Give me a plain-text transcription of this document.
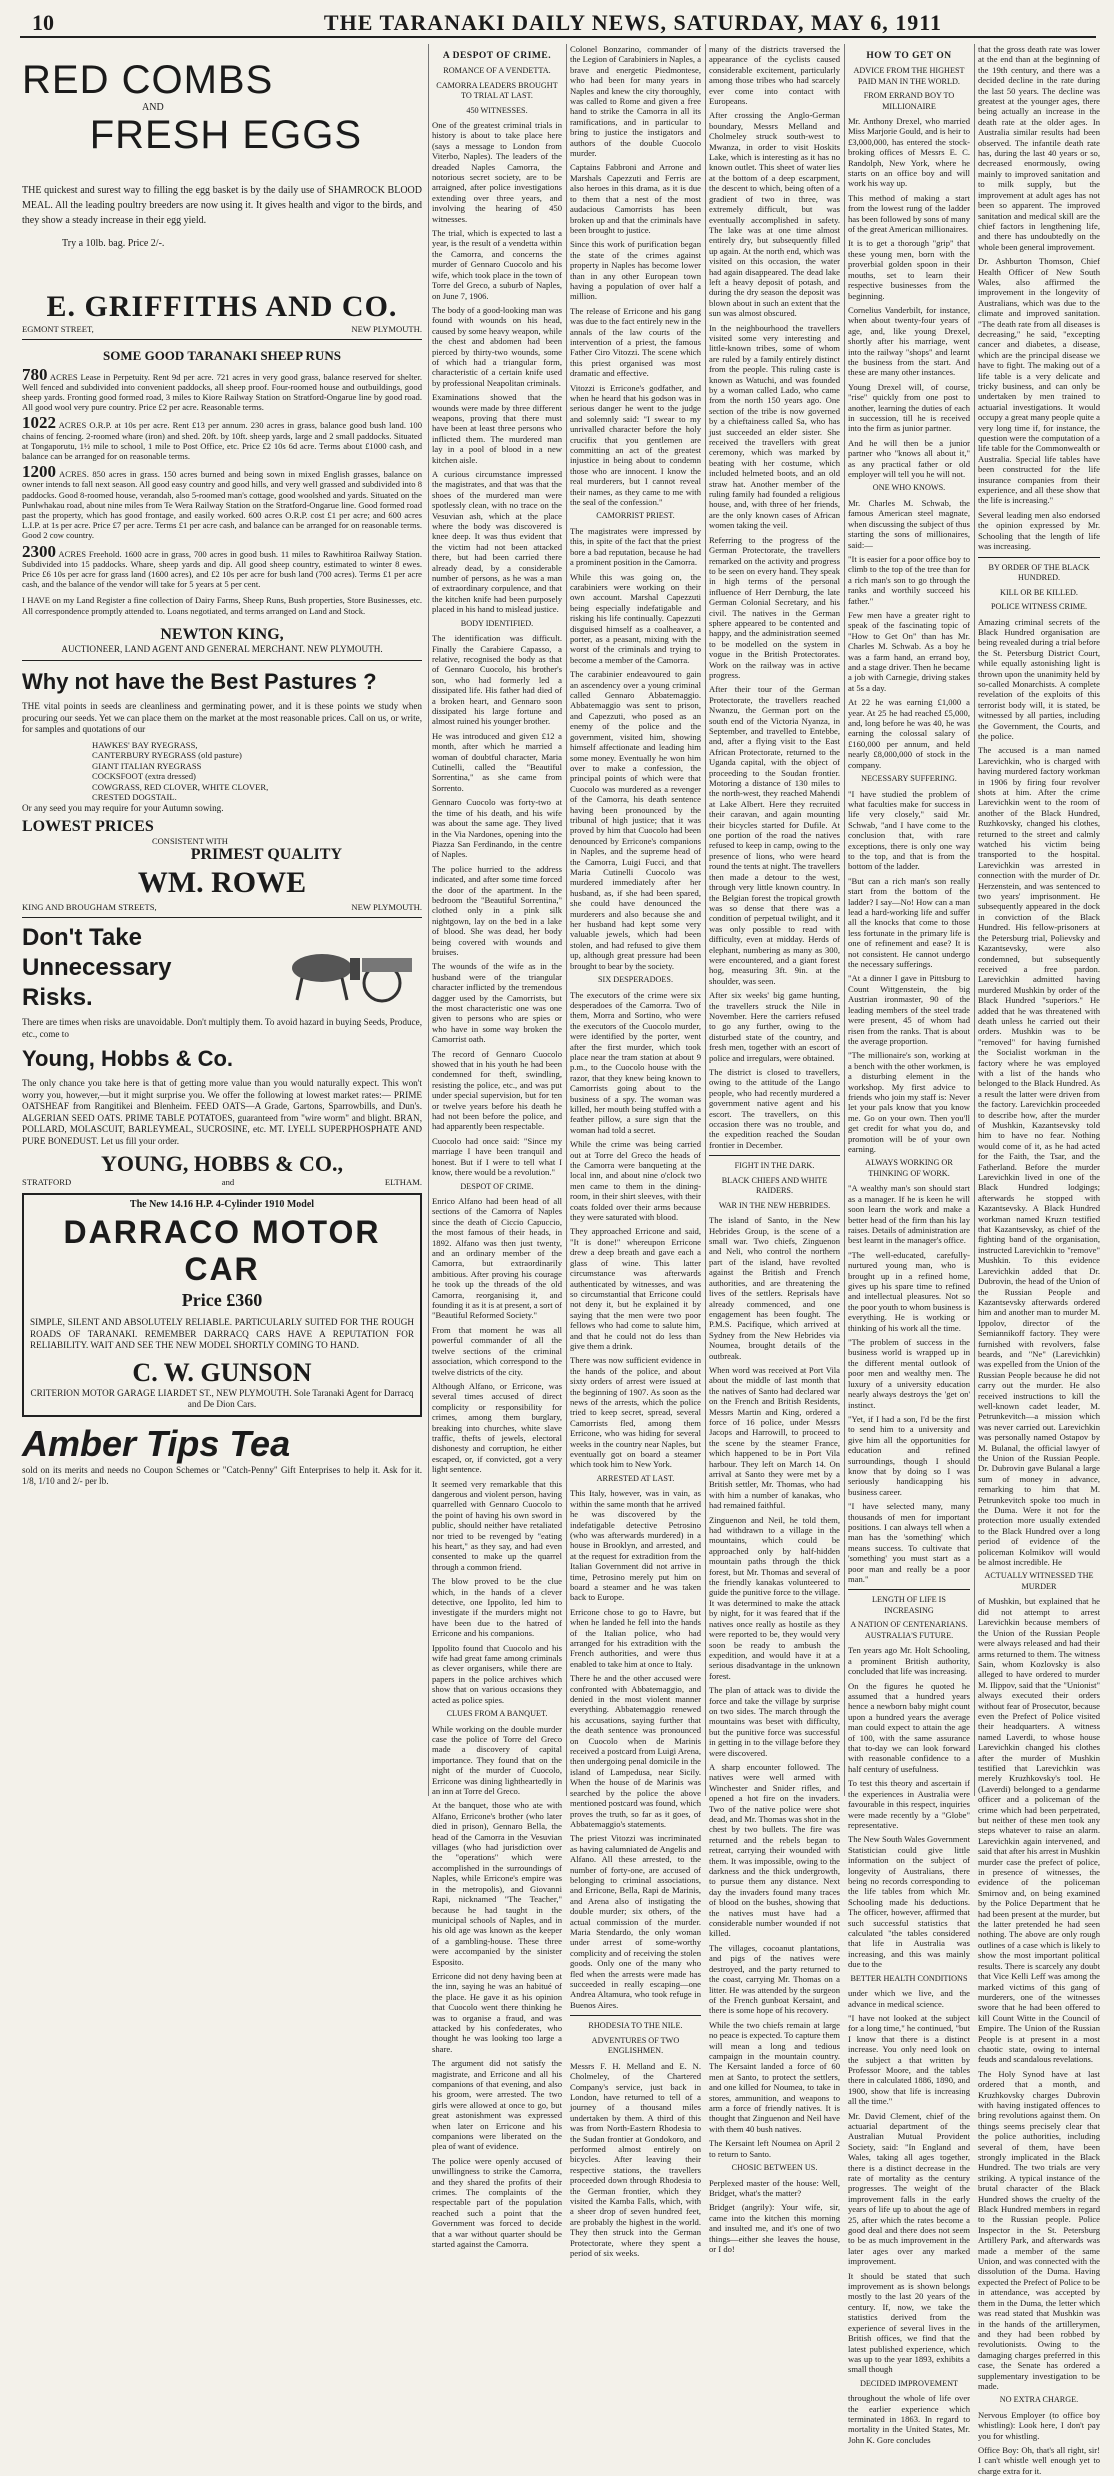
10	THE TARANAKI DAILY NEWS, SATURDAY, MAY 6, 1911
RED COMBS
AND
FRESH EGGS

THE quickest and surest way to filling the egg basket is by the daily use of SHAMROCK BLOOD MEAL. All the leading poultry breeders are now using it. It gives health and vigor to the birds, and they show a steady increase in their egg yield.

Try a 10lb. bag. Price 2/-.
E. GRIFFITHS AND CO.
EGMONT STREET,	NEW PLYMOUTH.
SOME GOOD TARANAKI SHEEP RUNS

780 ACRES Lease in Perpetuity. Rent 9d per acre. 721 acres in very good grass, balance reserved for shelter. Well fenced and subdivided into convenient paddocks, all sheep proof. Four-roomed house and outbuildings, good sheep yards. Fronting good formed road, 3 miles to Kiore Railway Station on Stratford-Ongarue line by good road. All good wool very pure country. Price £2 per acre. Reasonable terms.

1022 ACRES O.R.P. at 10s per acre. Rent £13 per annum. 230 acres in grass, balance good bush land. 100 chains of fencing. 2-roomed whare (iron) and shed. 20ft. by 10ft. sheep yards, large and 2 small paddocks. Situated at Tongaporutu, 1½ mile to school, 1 mile to Post Office, etc. Price £2 10s 6d acre. Terms about £1000 cash, and balance can be arranged for on reasonable terms.

1200 ACRES. 850 acres in grass. 150 acres burned and being sown in mixed English grasses, balance on owner intends to fall next season. All good easy country and good hills, and very well grassed and subdivided into 8 paddocks. Good 8-roomed house, verandah, also 5-roomed man's cottage, good woolshed and yards. Situated on the Punlwhakau road, about nine miles from Te Wera Railway Station on the Stratford-Ongarue line. Good formed road past the property, which has good frontage, and easily worked. 600 acres O.R.P. cost £1 per acre; and 600 acres L.I.P. at 1s per acre. Price £7 per acre. Terms £1 per acre cash, and balance can be arranged for on reasonable terms. Good 2 cow country.

2300 ACRES Freehold. 1600 acre in grass, 700 acres in good bush. 11 miles to Rawhitiroa Railway Station. Subdivided into 15 paddocks. Whare, sheep yards and dip. All good sheep country, estimated to winter 8 ewes. Price £6 10s per acre for grass land (1600 acres), and £2 10s per acre for bush land (700 acres). Terms £1 per acre cash, and the balance of the vendor will take for 5 years at 5 per cent.

I HAVE on my Land Register a fine collection of Dairy Farms, Sheep Runs, Bush properties, Store Businesses, etc. All correspondence promptly attended to. Loans negotiated, and terms arranged on Land and Stock.

NEWTON KING,
AUCTIONEER, LAND AGENT AND GENERAL MERCHANT. NEW PLYMOUTH.
Why not have the Best Pastures ?

THE vital points in seeds are cleanliness and germinating power, and it is these points we study when procuring our seeds. Yet we can place them on the market at the most reasonable prices. Call on us, or write, for samples and quotations of our

HAWKES' BAY RYEGRASS,
CANTERBURY RYEGRASS (old pasture)
GIANT ITALIAN RYEGRASS
COCKSFOOT (extra dressed)
COWGRASS, RED CLOVER, WHITE CLOVER,
CRESTED DOGSTAIL.
Or any seed you may require for your Autumn sowing.
LOWEST PRICES
CONSISTENT WITH
PRIMEST QUALITY
WM. ROWE
KING AND BROUGHAM STREETS,	NEW PLYMOUTH.
Don't Take Unnecessary Risks.

There are times when risks are unavoidable. Don't multiply them. To avoid hazard in buying Seeds, Produce, etc., come to

Young, Hobbs & Co.

The only chance you take here is that of getting more value than you would naturally expect. This won't worry you, however,—but it might surprise you. We offer the following at lowest market rates:— PRIME OATSHEAF from Rangitikei and Blenheim. FEED OATS—A Grade, Gartons, Sparrowbills, and Dun's. ALGERIAN SEED OATS. PRIME TABLE POTATOES, guaranteed from "wire worm" and blight. BRAN, POLLARD, MOLASCUIT, BARLEYMEAL, SUCROSINE, etc. MT. LYELL SUPERPHOSPHATE AND PURE BONEDUST. Let us fill your order.

YOUNG, HOBBS & CO.,
STRATFORD	and	ELTHAM.
The New 14.16 H.P. 4-Cylinder 1910 Model
DARRACO MOTOR CAR
Price £360

SIMPLE, SILENT AND ABSOLUTELY RELIABLE. PARTICULARLY SUITED FOR THE ROUGH ROADS OF TARANAKI. REMEMBER DARRACQ CARS HAVE A REPUTATION FOR RELIABILITY. WAIT AND SEE THE NEW MODEL SHORTLY COMING TO HAND.

C. W. GUNSON
CRITERION MOTOR GARAGE LIARDET ST., NEW PLYMOUTH. Sole Taranaki Agent for Darracq and De Dion Cars.
Amber Tips Tea
sold on its merits and needs no Coupon Schemes or "Catch-Penny" Gift Enterprises to help it. Ask for it. 1/8, 1/10 and 2/- per lb.
A DESPOT OF CRIME.
ROMANCE OF A VENDETTA.
CAMORRA LEADERS BROUGHT TO TRIAL AT LAST.
450 WITNESSES.

One of the greatest criminal trials in history is about to take place here (says a message to London from Viterbo, Naples). The leaders of the dreaded Naples Camorra, the notorious secret society, are to be arraigned, after police investigations extending over three years, and involving the hearing of 450 witnesses.

The trial, which is expected to last a year, is the result of a vendetta within the Camorra, and concerns the murder of Gennaro Cuocolo and his wife, which took place in the town of Torre del Greco, a suburb of Naples, on June 7, 1906.

The body of a good-looking man was found with wounds on his head, caused by some heavy weapon, while the chest and abdomen had been pierced by thirty-two wounds, some of which had a triangular form, characteristic of a certain knife used by professional Neapolitan criminals.

Examinations showed that the wounds were made by three different weapons, proving that there must have been at least three persons who inflicted them. The murdered man lay in a pool of blood in a new kitchen aisle.

A curious circumstance impressed the magistrates, and that was that the shoes of the murdered man were spotlessly clean, with no trace on the Vesuvian ash, which at the place where the body was discovered is knee deep. It was thus evident that the victim had not been attacked there, but had been carried there already dead, by a considerable number of persons, as he was a man of extraordinary corpulence, and that the kitchen knife had been purposely placed in his hand to mislead justice.

BODY IDENTIFIED.

The identification was difficult. Finally the Carabiere Capasso, a relative, recognised the body as that of Gennaro Cuocolo, his brother's son, who had formerly led a dissipated life. His father had died of a broken heart, and Gennaro soon dissipated his large fortune and almost ruined his younger brother.

He was introduced and given £12 a month, after which he married a woman of doubtful character, Maria Cutinelli, called the "Beautiful Sorrentina," as she came from Sorrento.

Gennaro Cuocolo was forty-two at the time of his death, and his wife was about the same age. They lived in the Via Nardones, opening into the Piazza San Ferdinando, in the centre of Naples.

The police hurried to the address indicated, and after some time forced the door of the apartment. In the bedroom the "Beautiful Sorrentina," clothed only in a pink silk nightgown, lay on the bed in a lake of blood. She was dead, her body being covered with wounds and bruises.

The wounds of the wife as in the husband were of the triangular character inflicted by the tremendous dagger used by the Camorrists, but the most characteristic one was one given to persons who are spies or who have in some way broken the Camorrist oath.

The record of Gennaro Cuocolo showed that in his youth he had been condemned for theft, swindling, resisting the police, etc., and was put under special supervision, but for ten or twelve years before his death he had not been before the police, and had apparently been respectable.

Cuocolo had once said: "Since my marriage I have been tranquil and honest. But if I were to tell what I know, there would be a revolution."

DESPOT OF CRIME.

Enrico Alfano had been head of all sections of the Camorra of Naples since the death of Ciccio Capuccio, the most famous of their heads, in 1892. Alfano was then just twenty, and an ordinary member of the Camorra, but extraordinarily ambitious. After proving his courage he took up the threads of the old Camorra, reorganising it, and founding it as it is at present, a sort of "Beautiful Reformed Society."

From that moment he was all powerful commander of all the twelve sections of the criminal association, which correspond to the twelve districts of the city.

Although Alfano, or Erricone, was several times accused of direct complicity or responsibility for crimes, among them burglary, breaking into churches, white slave traffic, thefts of jewels, electoral dishonesty and corruption, he either escaped, or, if convicted, got a very light sentence.

It seemed very remarkable that this dangerous and violent person, having quarrelled with Gennaro Cuocolo to the point of having his own sword in public, should neither have retaliated nor tried to be revenged by "eating his heart," as they say, and had even consented to make up the quarrel through a common friend.

The blow proved to be the clue which, in the hands of a clever detective, one Ippolito, led him to investigate if the murders might not have been due to the hatred of Erricone and his companions.

Ippolito found that Cuocolo and his wife had great fame among criminals as clever organisers, while there are papers in the police archives which show that on various occasions they acted as police spies.

CLUES FROM A BANQUET.

While working on the double murder case the police of Torre del Greco made a discovery of capital importance. They found that on the night of the murder of Cuocolo, Erricone was dining lightheartedly in an inn at Torre del Greco.

At the banquet, those who ate with Alfano, Erricone's brother (who later died in prison), Gennaro Bella, the head of the Camorra in the Vesuvian villages (who had jurisdiction over the "operations" which were accomplished in the surroundings of Naples, while Erricone's empire was in the metropolis), and Giovanni Rapi, nicknamed "The Teacher," because he had taught in the municipal schools of Naples, and in his old age was known as the keeper of a gambling-house. These three were accompanied by the sinister Esposito.

Erricone did not deny having been at the inn, saying he was an habitué of the place. He gave it as his opinion that Cuocolo went there thinking he was to organise a fraud, and was attacked by his confederates, who thought he was looking too large a share.

The argument did not satisfy the magistrate, and Erricone and all his companions of that evening, and also his groom, were arrested. The two girls were allowed at once to go, but great astonishment was expressed when later on Erricone and his companions were liberated on the plea of want of evidence.

The police were openly accused of unwillingness to strike the Camorra, and they shared the profits of their crimes. The complaints of the respectable part of the population reached such a point that the Government was forced to decide that a war without quarter should be started against the Camorra.

Colonel Bonzarino, commander of the Legion of Carabiniers in Naples, a brave and energetic Piedmontese, who had been for many years in Naples and knew the city thoroughly, was called to Rome and given a free hand to strike the Camorra in all its ramifications, and in particular to bring to justice the instigators and authors of the double Cuocolo murder.

Captains Fabbroni and Arrone and Marshals Capezzuti and Ferris are also heroes in this drama, as it is due to them that a nest of the most audacious Camorrists has been broken up and that the criminals have been brought to justice.

Since this work of purification began the state of the crimes against property in Naples has become lower than in any other European town having a population of over half a million.

The release of Erricone and his gang was due to the fact entirely new in the annals of the law courts of the intervention of a priest, the famous Father Ciro Vitozzi. The scene which this priest organised was most dramatic and effective.

Vitozzi is Erricone's godfather, and when he heard that his godson was in serious danger he went to the judge and solemnly said: "I swear to my unrivalled character before the holy crucifix that you gentlemen are committing an act of the greatest injustice in being about to condemn those who are innocent. I know the real murderers, but I cannot reveal their names, as they came to me with the seal of the confession."

CAMORRIST PRIEST.

The magistrates were impressed by this, in spite of the fact that the priest bore a bad reputation, because he had a prominent position in the Camorra.

While this was going on, the carabiniers were working on their own account. Marshal Capezzuti being especially indefatigable and risking his life continually. Capezzuti disguised himself as a coalheaver, a porter, as a peasant, mixing with the worst of the criminals and trying to become a member of the Camorra.

The carabinier endeavoured to gain an ascendency over a young criminal called Gennaro Abbatemaggio. Abbatemaggio was sent to prison, and Capezzuti, who posed as an enemy of the police and the government, visited him, showing himself affectionate and leading him some money. Eventually he won him over to make a confession, the principal points of which were that Cuocolo was murdered as a revenger of the Camorra, his death sentence having been pronounced by the tribunal of high justice; that it was proved by him that Cuocolo had been denounced by Erricone's companions in Naples, and the supreme head of the Camorra, Luigi Fucci, and that Maria Cutinelli Cuocolo was murdered immediately after her husband, as, if she had been spared, she could have denounced the murderers and also because she and her husband had kept some very valuable jewels, which had been stolen, and had refused to give them up, although great pressure had been brought to bear by the society.

SIX DESPERADOES.

The executors of the crime were six desperadoes of the Camorra. Two of them, Morra and Sortino, who were the executors of the Cuocolo murder, were identified by the porter, went after the first murder, which took place near the tram station at about 9 p.m., to the Cuocolo house with the razor, that they knew being known to Camorrists going about to the business of a spy. The woman was killed, her mouth being stuffed with a feather pillow, a sure sign that the woman had told a secret.

While the crime was being carried out at Torre del Greco the heads of the Camorra were banqueting at the local inn, and about nine o'clock two men came to them in the dining-room, in their shirt sleeves, with their coats folded over their arms because they were saturated with blood.

They approached Erricone and said, "It is done!" whereupon Erricone drew a deep breath and gave each a glass of wine. This latter circumstance was afterwards authenticated by witnesses, and was so circumstantial that Erricone could not deny it, but he explained it by saying that the men were two poor fellows who had come to salute him, and that he could not do less than give them a drink.

There was now sufficient evidence in the hands of the police, and about sixty orders of arrest were issued at the beginning of 1907. As soon as the news of the arrests, which the police tried to keep secret, spread, several Camorrists fled, among them Erricone, who was hiding for several weeks in the country near Naples, but eventually got on board a steamer which took him to New York.

ARRESTED AT LAST.

This Italy, however, was in vain, as within the same month that he arrived he was discovered by the indefatigable detective Petrosino (who was afterwards murdered) in a house in Brooklyn, and arrested, and at the request for extradition from the Italian Government did not arrive in time, Petrosino merely put him on board a steamer and he was taken back to Europe.

Erricone chose to go to Havre, but when he landed he fell into the hands of the Italian police, who had arranged for his extradition with the French authorities, and were thus enabled to take him at once to Italy.

There he and the other accused were confronted with Abbatemaggio, and denied in the most violent manner everything. Abbatemaggio renewed his accusations, saying further that the death sentence was pronounced on Cuocolo when de Marinis received a postcard from Luigi Arena, then undergoing penal domicile in the island of Lampedusa, near Sicily. When the house of de Marinis was searched by the police the above mentioned postcard was found, which proves the truth, so far as it goes, of Abbatemaggio's statements.

The priest Vitozzi was incriminated as having calumniated de Angelis and Alfano. All these arrested, to the number of forty-one, are accused of belonging to criminal associations, and Erricone, Bella, Rapi de Marinis, and Arena also of instigating the double murder; six others, of the actual commission of the murder. Maria Stendardo, the only woman under arrest of some-worthy complicity and of receiving the stolen goods. Only one of the many who fled when the arrests were made has succeeded in really escaping—one Andrea Altamura, who took refuge in Buenos Aires.

RHODESIA TO THE NILE.
ADVENTURES OF TWO ENGLISHMEN.

Messrs F. H. Melland and E. N. Cholmeley, of the Chartered Company's service, just back in London, have returned to tell of a journey of a thousand miles undertaken by them. A third of this was from North-Eastern Rhodesia to the Sudan frontier at Gondokoro, and performed almost entirely on bicycles. After leaving their respective stations, the travellers proceeded down through Rhodesia to the German frontier, which they visited the Kamba Falls, which, with a sheer drop of seven hundred feet, are probably the highest in the world. They then struck into the German Protectorate, where they spent a period of six weeks.

many of the districts traversed the appearance of the cyclists caused considerable excitement, particularly among those tribes who had scarcely ever come into contact with Europeans.

After crossing the Anglo-German boundary, Messrs Melland and Cholmeley struck south-west to Mwanza, in order to visit Hoskits Lake, which is interesting as it has no known outlet. This sheet of water lies at the bottom of a deep escarpment, the descent to which, being often of a gradient of two in three, was extremely difficult, but was eventually accomplished in safety. The lake was at one time almost entirely dry, but subsequently filled up again. At the north end, which was visited on this occasion, the water had again disappeared. The dead lake left a heavy deposit of potash, and during the dry season the deposit was blown about in such an extent that the sun was almost obscured.

In the neighbourhood the travellers visited some very interesting and little-known tribes, some of whom are ruled by a family entirely distinct from the people. This ruling caste is known as Watuchi, and was founded by a woman called Lado, who came from the north 150 years ago. One section of the tribe is now governed by a chieftainess called Sa, who has just succeeded an elder sister. She received the travellers with great ceremony, which was marked by beating with her costume, which included helmeted boots, and an old straw hat. Another member of the ruling family had founded a religious house, and, with three of her friends, are the only known cases of African women taking the veil.

Referring to the progress of the German Protectorate, the travellers remarked on the activity and progress to be seen on every hand. They speak in high terms of the personal influence of Herr Dernburg, the late German Colonial Secretary, and his civil. The natives in the German sphere appeared to be contented and happy, and the administration seemed to be modelled on the system in vogue in the British Protectorates. Work on the railway was in active progress.

After their tour of the German Protectorate, the travellers reached Nwanzu, the German port on the south end of the Victoria Nyanza, in September, and travelled to Entebbe, and, after a flying visit to the East African Protectorate, returned to the Uganda capital, with the object of proceeding to the Soudan frontier. Motoring a distance of 130 miles to the north-west, they reached Mahendi at Lake Albert. Here they recruited their caravan, and again mounting their bicycles started for Dufile. At one portion of the road the natives refused to keep in camp, owing to the presence of lions, who were heard round the tents at night. The travellers then made a detour to the west, through very little known country. In the Belgian forest the tropical growth was so dense that there was a condition of perpetual twilight, and it was only possible to read with difficulty, even at midday. Herds of elephant, numbering as many as 300, were encountered, and a giant forest hog, measuring 3ft. 9in. at the shoulder, was seen.

After six weeks' big game hunting, the travellers struck the Nile in November. Here the carriers refused to go any further, owing to the disturbed state of the country, and fresh men, together with an escort of police and irregulars, were obtained.

The district is closed to travellers, owing to the attitude of the Lango people, who had recently murdered a government native agent and his escort. The travellers, on this occasion there was no trouble, and the expedition reached the Soudan frontier in December.

FIGHT IN THE DARK.
BLACK CHIEFS AND WHITE RAIDERS.
WAR IN THE NEW HEBRIDES.

The island of Santo, in the New Hebrides Group, is the scene of a small war. Two chiefs, Zinguenon and Neli, who control the northern part of the island, have revolted against the British and French authorities, and are threatening the lives of the settlers. Reprisals have already commenced, and one engagement has been fought. The P.M.S. Pacifique, which arrived at Sydney from the New Hebrides via Noumea, brought details of the outbreak.

When word was received at Port Vila about the middle of last month that the natives of Santo had declared war on the French and British Residents, Messrs Martin and King, ordered a force of 16 police, under Messrs Jacops and Harrowill, to proceed to the scene by the steamer France, which happened to be in Port Vila harbour. They left on March 14. On arrival at Santo they were met by a British settler, Mr. Thomas, who had with him a number of kanakas, who had remained faithful.

Zinguenon and Neil, he told them, had withdrawn to a village in the mountains, which could be approached only by half-hidden mountain paths through the thick forest, but Mr. Thomas and several of the friendly kanakas volunteered to guide the punitive force to the village. It was determined to make the attack by night, for it was feared that if the natives once really as hostile as they were reported to be, they would very soon be ready to ambush the expedition, and would have it at a serious disadvantage in the unknown forest.

The plan of attack was to divide the force and take the village by surprise on two sides. The march through the mountains was beset with difficulty, but the punitive force was successful in getting in to the village before they were discovered.

A sharp encounter followed. The natives were well armed with Winchester and Snider rifles, and opened a hot fire on the invaders. Two of the native police were shot dead, and Mr. Thomas was shot in the chest by two bullets. The fire was returned and the rebels began to retreat, carrying their wounded with them. It was impossible, owing to the darkness and the thick undergrowth, to pursue them any distance. Next day the invaders found many traces of blood on the bushes, showing that the natives must have had a considerable number wounded if not killed.

The villages, cocoanut plantations, and pigs of the natives were destroyed, and the party returned to the coast, carrying Mr. Thomas on a litter. He was attended by the surgeon of the French gunboat Kersaint, and there is some hope of his recovery.

While the two chiefs remain at large no peace is expected. To capture them will mean a long and tedious campaign in the mountain country. The Kersaint landed a force of 60 men at Santo, to protect the settlers, and one killed for Noumea, to take in stores, ammunition, and weapons to arm a force of friendly natives. It is thought that Zinguenon and Neil have with them 40 bush natives.

The Kersaint left Noumea on April 2 to return to Santo.

CHOSIC BETWEEN US.

Perplexed master of the house: Well, Bridget, what's the matter?

Bridget (angrily): Your wife, sir, came into the kitchen this morning and insulted me, and it's one of two things—either she leaves the house, or I do!

HOW TO GET ON
ADVICE FROM THE HIGHEST PAID MAN IN THE WORLD.
FROM ERRAND BOY TO MILLIONAIRE

Mr. Anthony Drexel, who married Miss Marjorie Gould, and is heir to £3,000,000, has entered the stock-broking offices of Messrs E. C. Randolph, New York, where he starts on an office boy and will work his way up.

This method of making a start from the lowest rung of the ladder has been followed by sons of many of the great American millionaires.

It is to get a thorough "grip" that these young men, born with the proverbial golden spoon in their mouths, set to learn their respective businesses from the beginning.

Cornelius Vanderbilt, for instance, when about twenty-four years of age, and, like young Drexel, shortly after his marriage, went into the railway "shops" and learnt the business from the start. And these are many other instances.

Young Drexel will, of course, "rise" quickly from one post to another, learning the duties of each in succession, till he is received into the firm as junior partner.

And he will then be a junior partner who "knows all about it," as any practical father or old employer will tell you he will not.

ONE WHO KNOWS.

Mr. Charles M. Schwab, the famous American steel magnate, when discussing the subject of thus starting the sons of millionaires, said:—

"It is easier for a poor office boy to climb to the top of the tree than for a rich man's son to go through the ranks and worthily succeed his father."

Few men have a greater right to speak of the fascinating topic of "How to Get On" than has Mr. Charles M. Schwab. As a boy he was a farm hand, an errand boy, and a stage driver. Then he became a job with Carnegie, driving stakes at 5s a day.

At 22 he was earning £1,000 a year. At 25 he had reached £5,000, and, long before he was 40, he was earning the colossal salary of £160,000 per annum, and held nearly £8,000,000 of stock in the company.

NECESSARY SUFFERING.

"I have studied the problem of what faculties make for success in life very closely," said Mr. Schwab, "and I have come to the conclusion that, with rare exceptions, there is only one way to the top, and that is from the bottom of the ladder.

"But can a rich man's son really start from the bottom of the ladder? I say—No! How can a man lead a hard-working life and suffer all the knocks that come to those less fortunate in the primary life is one of refinement and ease? It is not consistent. He cannot undergo the necessary sufferings.

"At a dinner I gave in Pittsburg to Count Wittgenstein, the big Austrian ironmaster, 90 of the leading members of the steel trade were present, 45 of whom had risen from the ranks. That is about the average proportion.

"The millionaire's son, working at a bench with the other workmen, is a disturbing element in the workshop. My first advice to friends who join my staff is: Never let your pals know that you know me. Go on your own. Then you'll get credit for what you do, and promotion will be of your own earning.

ALWAYS WORKING OR THINKING OF WORK.

"A wealthy man's son should start as a manager. If he is keen he will soon learn the work and make a better head of the firm than his lay raises. Details of administration are best learnt in the manager's office.

"The well-educated, carefully-nurtured young man, who is brought up in a refined home, gives up his spare time to refined and intellectual pleasures. Not so the poor youth to whom business is everything. He is working or thinking of his work all the time.

"The problem of success in the business world is wrapped up in the different mental outlook of poor men and wealthy men. The luxury of a university education nearly always destroys the 'get on' instinct.

"Yet, if I had a son, I'd be the first to send him to a university and give him all the opportunities for education and refined surroundings, though I should know that by doing so I was seriously handicapping his business career.

"I have selected many, many thousands of men for important positions. I can always tell when a man has the 'something' which means success. To cultivate that 'something' you must start as a poor man and really be a poor man."

LENGTH OF LIFE IS INCREASING
A NATION OF CENTENARIANS. AUSTRALIA'S FUTURE.

Ten years ago Mr. Holt Schooling, a prominent British authority, concluded that life was increasing.

On the figures he quoted he assumed that a hundred years hence a newborn baby might count upon a hundred years the average man could expect to attain the age of 100, with the same assurance that to-day we can look forward with reasonable confidence to a half century of usefulness.

To test this theory and ascertain if the experiences in Australia were favourable in this respect, inquiries were made recently by a "Globe" representative.

The New South Wales Government Statistician could give little information on the subject of longevity of Australians, there being no records corresponding to the life tables from which Mr. Schooling made his deductions. The officer, however, affirmed that such successful statistics that calculated "the tables considered that life in Australia was increasing, and this was mainly due to the

BETTER HEALTH CONDITIONS

under which we live, and the advance in medical science.

"I have not looked at the subject for a long time," he continued, "but I know that there is a distinct increase. You only need look on the subject a that written by Professor Moore, and the tables there in calculated 1886, 1890, and 1900, show that life is increasing all the time."

Mr. David Clement, chief of the actuarial department of the Australian Mutual Provident Society, said: "In England and Wales, taking all ages together, there is a distinct decrease in the rate of mortality as the century progresses. The weight of the improvement falls in the early years of life up to about the age of 25, after which the rates become a good deal and there does not seem to be as much improvement in the later ages over any marked improvement.

It should be stated that such improvement as is shown belongs mostly to the last 20 years of the century. If, now, we take the statistics derived from the experience of several lives in the British offices, we find that the latest published experience, which was up to the year 1893, exhibits a small though

DECIDED IMPROVEMENT

throughout the whole of life over the earlier experience which terminated in 1863. In regard to mortality in the United States, Mr. John K. Gore concludes

that the gross death rate was lower at the end than at the beginning of the 19th century, and there was a decided decline in the rate during the last 50 years. The decline was greatest at the younger ages, there being actually an increase in the death rate at the older ages. In Australia similar results had been observed. The infantile death rate has, during the last 40 years or so, decreased enormously, owing mainly to improved sanitation and to milk supply, but the improvement at adult ages has not been so apparent. The improved sanitation and medical skill are the chief factors in lengthening life, and there has undoubtedly on the whole been general improvement.

Dr. Ashburton Thomson, Chief Health Officer of New South Wales, also affirmed the improvement in the longevity of Australians, which was due to the climate and improved sanitation. "The death rate from all diseases is decreasing," he said, "excepting cancer and diabetes, a disease, which are the principal disease we have to fight. The making out of a life table is a very delicate and tricky business, and can only be undertaken by men trained to actuarial investigations. It would occupy a great many people quite a very long time if, for instance, the question were the computation of a life table for the Commonwealth or Australia. Special life tables have been constructed for the life insurance companies from their experience, and all these show that the life is increasing."

Several leading men also endorsed the opinion expressed by Mr. Schooling that the length of life was increasing.

BY ORDER OF THE BLACK HUNDRED.
KILL OR BE KILLED.
POLICE WITNESS CRIME.

Amazing criminal secrets of the Black Hundred organisation are being revealed during a trial before the St. Petersburg District Court, while equally astonishing light is thrown upon the unanimity held by so-called Monarchists. A complete revelation of the exploits of this terrorist body will, it is stated, be witnessed by all parties, including the Government, the Courts, and the police.

The accused is a man named Larevichkin, who is charged with having murdered factory workman in 1906 by firing four revolver shots at him. After the crime Larevichkin went to the room of another of the Black Hundred, Ruzhkovsky, changed his clothes, returned to the street and calmly watched his victim being transported to the hospital. Larevichkin was arrested in connection with the murder of Dr. Herzenstein, and was sentenced to two years' imprisonment. He subsequently appeared in the dock in conviction of the Black Hundred. His fellow-prisoners at the Petersburg trial, Polievsky and Kazantsevsky, were also condemned, but subsequently received a free pardon. Larevichkin admitted having murdered Mushkin by order of the Black Hundred "superiors." He added that he was threatened with death unless he carried out their orders. Mushkin was to be "removed" for having furnished the Socialist workman in the factory where he was employed with a list of the hands who belonged to the Black Hundred. As a result the latter were driven from the factory. Larevichkin proceeded to describe how, after the murder of Mushkin, Kazantsevsky told him to have no fear. Nothing would come of it, as he had acted for the Faith, the Tsar, and the Fatherland. Before the murder Larevichkin lived in one of the Black Hundred lodgings; afterwards he stopped with Kazantsevsky. A Black Hundred workman named Kruzn testified that Kazantsevsky, as chief of the fighting band of the organisation, instructed Larevichkin to "remove" Mushkin. To this evidence Larevichkin added that Dr. Dubrovin, the head of the Union of the Russian People and Kazantsevsky afterwards ordered him and another man to murder M. Ippolov, director of the Semiannikoff factory. They were furnished with revolvers, false beards, and "Ne" (Larevichkin) was expelled from the Union of the Russian People because he did not carry out the murder. He also received instructions to kill the well-known cadet leader, M. Petrunkevitch—a mission which was never carried out. Larevichkin was personally named Ostapov by M. Bulanal, the official lawyer of the Union of the Russian People. Dr. Dubrovin gave Bulanal a large sum of money in advance, remarking to him that M. Petrunkevitch spoke too much in the Duma. Were it not for the protection more usually extended to the Black Hundred over a long period of evidence of the policeman Kolmikov will would be almost incredible. He

ACTUALLY WITNESSED THE MURDER

of Mushkin, but explained that he did not attempt to arrest Larevichkin because members of the Union of the Russian People were always released and had their arms returned to them. The witness Sain, whom Kozlovsky is also alleged to have ordered to murder M. Ilippov, said that the "Unionist" always executed their orders without fear of Prosecutor, because even the Prefect of Police visited their headquarters. A witness named Laverdi, to whose house Larevichkin changed his clothes after the murder of Mushkin testified that Larevichkin was merely Kruzhkovsky's tool. He (Laverdi) belonged to a gendarme officer and a policeman of the crime which had been perpetrated, but neither of these men took any steps whatever to raise an alarm. Larevichkin again intervened, and said that after his arrest in Mushkin murder case the prefect of police, in presence of witnesses, the evidence of the policeman Smirnov and, on being examined by the Police Department that he had been present at the murder, but the latter pretended he had seen nothing. The above are only rough outlines of a case which is likely to show the most important political results. There is scarcely any doubt that Vice Kelli Leff was among the marked victims of this gang of murderers, one of the witnesses swore that he had been offered to kill Count Witte in the Council of Empire. The Union of the Russian People is at present in a most chaotic state, owing to internal feuds and scandalous revelations.

The Holy Synod have at last ordered that a month, and Kruzhkovsky charges Dubrovin with having instigated offences to bring revolutions against them. On things seems precisely clear that the police authorities, including several of them, have been strongly implicated in the Black Hundred. The two trials are very striking. A typical instance of the brutal character of the Black Hundred shows the cruelty of the Black Hundred members in regard to the Russian people. Police Inspector in the St. Petersburg Artillery Park, and afterwards was made a member of the same Union, and was connected with the dissolution of the Duma. Having expected the Prefect of Police to be in attendance, was accepted by them in the Duma, the letter which was read stated that Mushkin was in the hands of the artillerymen, and they had been robbed by revolutionists. Owing to the damaging charges preferred in this case, the Senate has ordered a supplementary investigation to be made.

NO EXTRA CHARGE.

Nervous Employer (to office boy whistling): Look here, I don't pay you for whistling.

Office Boy: Oh, that's all right, sir! I can't whistle well enough yet to charge extra for it.
